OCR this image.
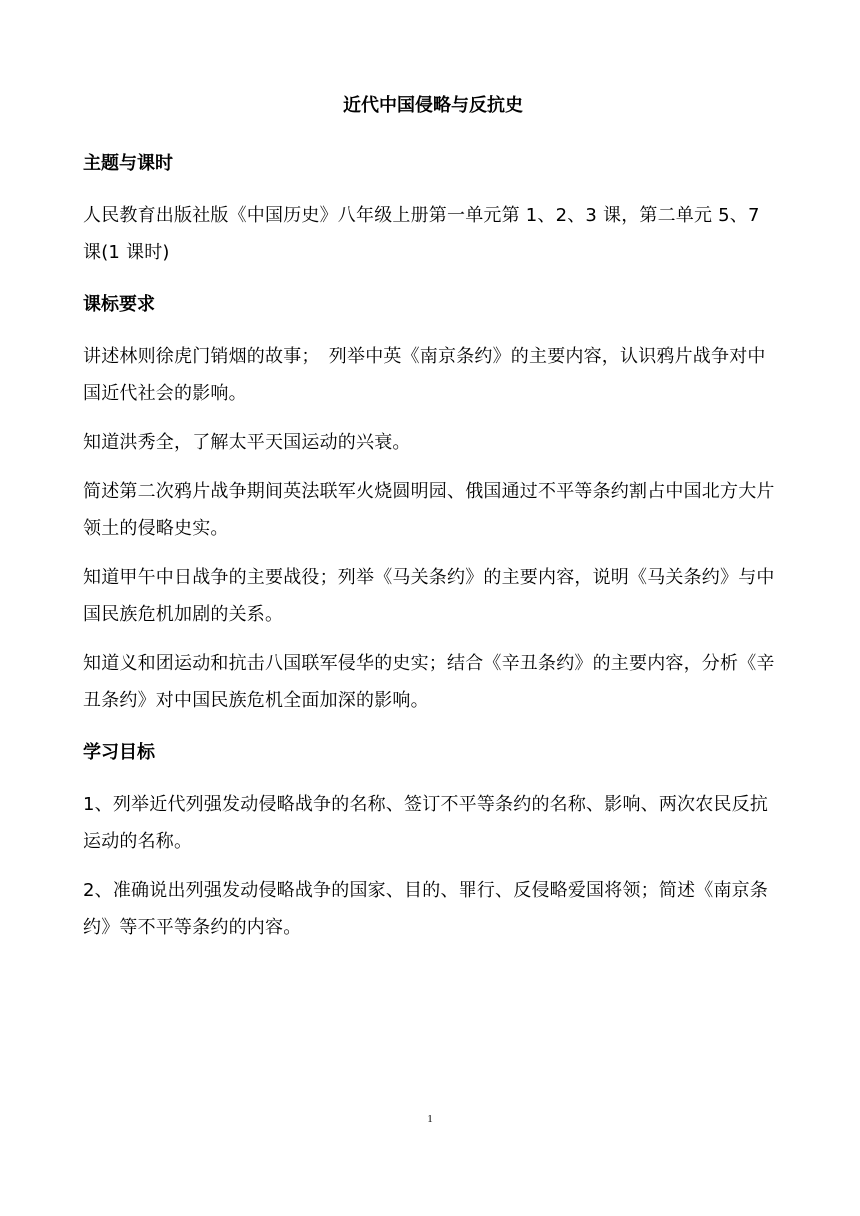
近代中国侵略与反抗史
主题与课时

人民教育出版社版《中国历史》八年级上册第一单元第 1、2、3 课，第二单元 5、7 课(1 课时)

课标要求

讲述林则徐虎门销烟的故事；　列举中英《南京条约》的主要内容，认识鸦片战争对中国近代社会的影响。

知道洪秀全，了解太平天国运动的兴衰。

简述第二次鸦片战争期间英法联军火烧圆明园、俄国通过不平等条约割占中国北方大片领土的侵略史实。

知道甲午中日战争的主要战役；列举《马关条约》的主要内容，说明《马关条约》与中国民族危机加剧的关系。

知道义和团运动和抗击八国联军侵华的史实；结合《辛丑条约》的主要内容，分析《辛丑条约》对中国民族危机全面加深的影响。

学习目标

1、列举近代列强发动侵略战争的名称、签订不平等条约的名称、影响、两次农民反抗运动的名称。

2、准确说出列强发动侵略战争的国家、目的、罪行、反侵略爱国将领；简述《南京条约》等不平等条约的内容。

1
